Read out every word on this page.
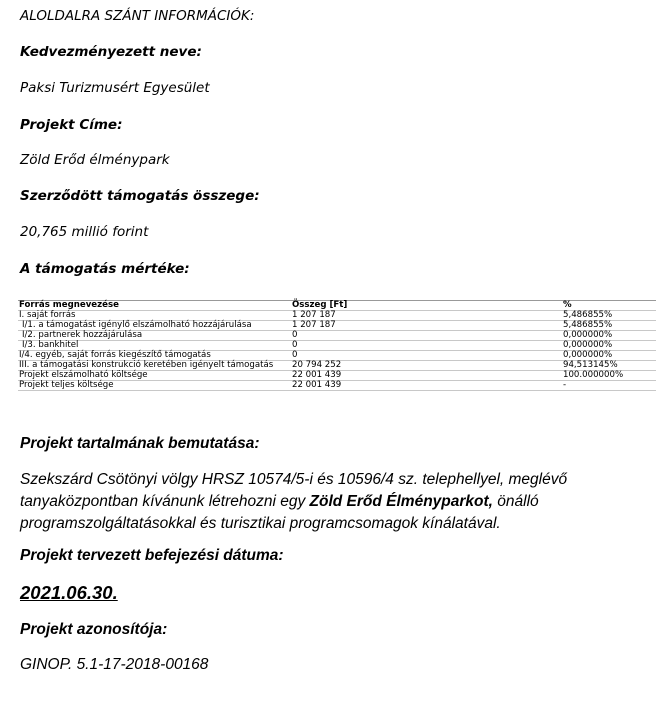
ALOLDALRA SZÁNT INFORMÁCIÓK:
Kedvezményezett neve:
Paksi Turizmusért Egyesület
Projekt Címe:
Zöld Erőd élménypark
Szerződött támogatás összege:
20,765 millió forint
A támogatás mértéke:
Forrás megnevezése	Összeg [Ft]	%
I. saját forrás	1 207 187	5,486855%
I/1. a támogatást igénylő elszámolható hozzájárulása	1 207 187	5,486855%
I/2. partnerek hozzájárulása	0	0,000000%
I/3. bankhitel	0	0,000000%
I/4. egyéb, saját forrás kiegészítő támogatás	0	0,000000%
III. a támogatási konstrukció keretében igényelt támogatás	20 794 252	94,513145%
Projekt elszámolható költsége	22 001 439	100.000000%
Projekt teljes költsége	22 001 439	-
Projekt tartalmának bemutatása:
Szekszárd Csötönyi völgy HRSZ 10574/5-i és 10596/4 sz. telephellyel, meglévő tanyaközpontban kívánunk létrehozni egy Zöld Erőd Élményparkot, önálló programszolgáltatásokkal és turisztikai programcsomagok kínálatával.
Projekt tervezett befejezési dátuma:
2021.06.30.
Projekt azonosítója:
GINOP. 5.1-17-2018-00168
